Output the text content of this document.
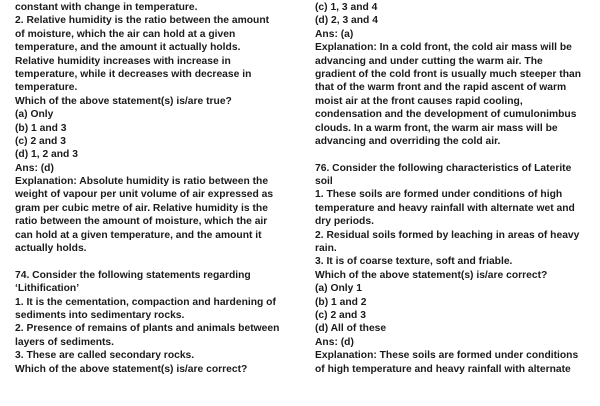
constant with change in temperature.
2. Relative humidity is the ratio between the amount
of moisture, which the air can hold at a given
temperature, and the amount it actually holds.
Relative humidity increases with increase in
temperature, while it decreases with decrease in
temperature.
Which of the above statement(s) is/are true?
(a) Only
(b) 1 and 3
(c) 2 and 3
(d) 1, 2 and 3
Ans: (d)
Explanation: Absolute humidity is ratio between the
weight of vapour per unit volume of air expressed as
gram per cubic metre of air. Relative humidity is the
ratio between the amount of moisture, which the air
can hold at a given temperature, and the amount it
actually holds.
74. Consider the following statements regarding
‘Lithification’
1. It is the cementation, compaction and hardening of
sediments into sedimentary rocks.
2. Presence of remains of plants and animals between
layers of sediments.
3. These are called secondary rocks.
Which of the above statement(s) is/are correct?
(c) 1, 3 and 4
(d) 2, 3 and 4
Ans: (a)
Explanation: In a cold front, the cold air mass will be
advancing and under cutting the warm air. The
gradient of the cold front is usually much steeper than
that of the warm front and the rapid ascent of warm
moist air at the front causes rapid cooling,
condensation and the development of cumulonimbus
clouds. In a warm front, the warm air mass will be
advancing and overriding the cold air.
76. Consider the following characteristics of Laterite
soil
1. These soils are formed under conditions of high
temperature and heavy rainfall with alternate wet and
dry periods.
2. Residual soils formed by leaching in areas of heavy
rain.
3. It is of coarse texture, soft and friable.
Which of the above statement(s) is/are correct?
(a) Only 1
(b) 1 and 2
(c) 2 and 3
(d) All of these
Ans: (d)
Explanation: These soils are formed under conditions
of high temperature and heavy rainfall with alternate
